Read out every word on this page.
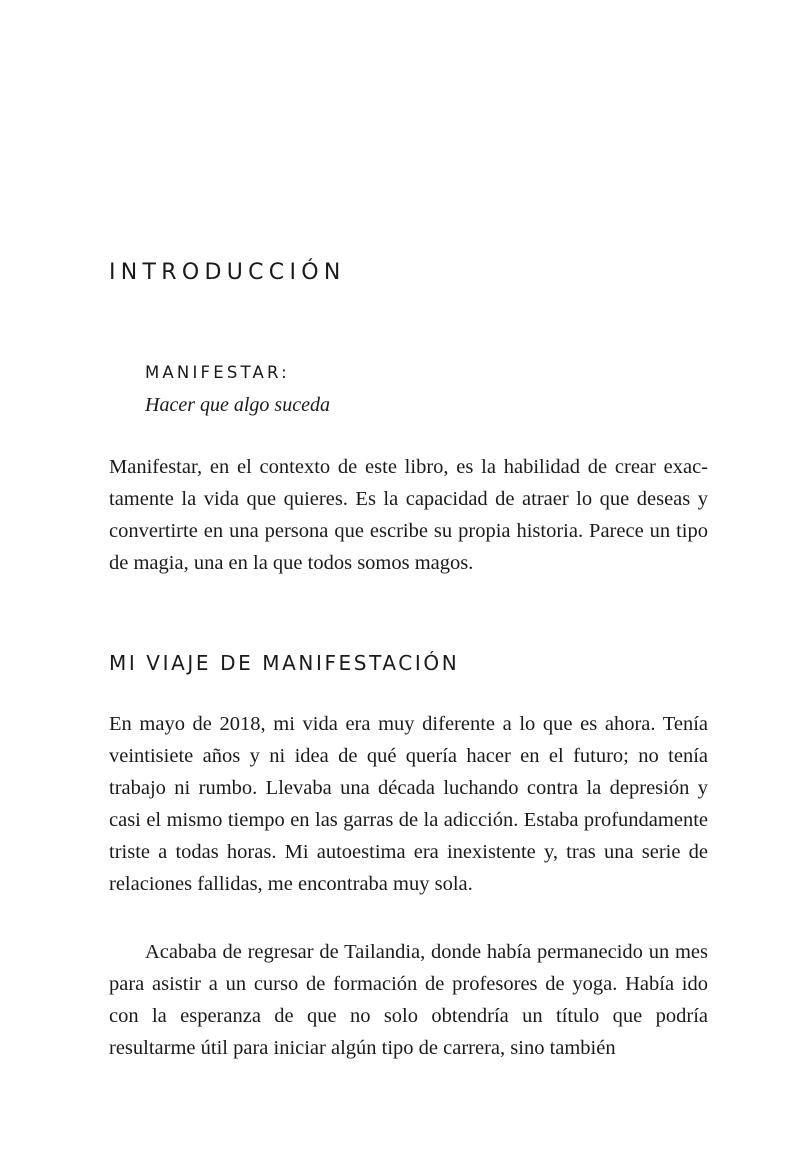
INTRODUCCIÓN
MANIFESTAR:
Hacer que algo suceda

Manifestar, en el contexto de este libro, es la habilidad de crear exactamente la vida que quieres. Es la capacidad de atraer lo que deseas y convertirte en una persona que escribe su propia historia. Parece un tipo de magia, una en la que todos somos magos.

MI VIAJE DE MANIFESTACIÓN

En mayo de 2018, mi vida era muy diferente a lo que es ahora. Tenía veintisiete años y ni idea de qué quería hacer en el futuro; no tenía trabajo ni rumbo. Llevaba una década luchando contra la depresión y casi el mismo tiempo en las garras de la adicción. Estaba profundamente triste a todas horas. Mi autoestima era inexistente y, tras una serie de relaciones fallidas, me encontraba muy sola.

Acababa de regresar de Tailandia, donde había permanecido un mes para asistir a un curso de formación de profesores de yoga. Había ido con la esperanza de que no solo obtendría un título que podría resultarme útil para iniciar algún tipo de carrera, sino también
